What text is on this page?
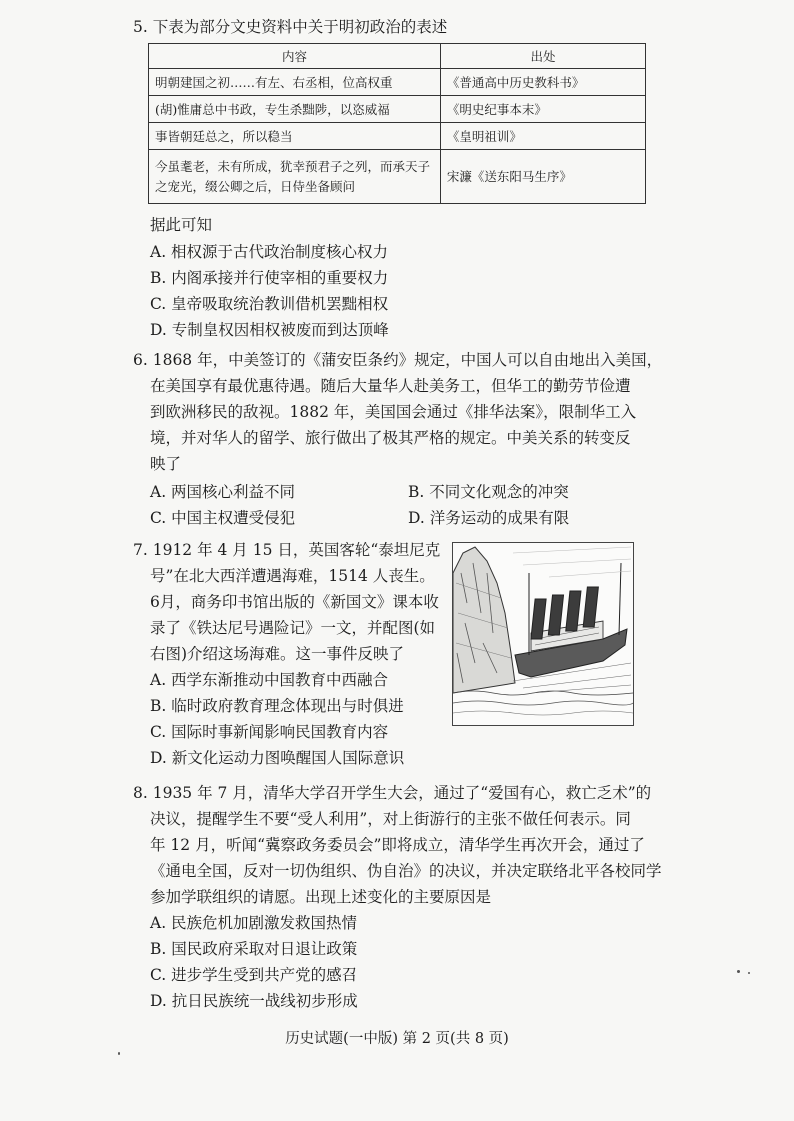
5. 下表为部分文史资料中关于明初政治的表述
内容	出处
明朝建国之初……有左、右丞相，位高权重	《普通高中历史教科书》
(胡)惟庸总中书政，专生杀黜陟，以恣威福	《明史纪事本末》
事皆朝廷总之，所以稳当	《皇明祖训》
今虽耄老，未有所成，犹幸预君子之列，而承天子之宠光，缀公卿之后，日侍坐备顾问	宋濂《送东阳马生序》
据此可知
A. 相权源于古代政治制度核心权力
B. 内阁承接并行使宰相的重要权力
C. 皇帝吸取统治教训借机罢黜相权
D. 专制皇权因相权被废而到达顶峰
6. 1868 年，中美签订的《蒲安臣条约》规定，中国人可以自由地出入美国，
在美国享有最优惠待遇。随后大量华人赴美务工，但华工的勤劳节俭遭
到欧洲移民的敌视。1882 年，美国国会通过《排华法案》，限制华工入
境，并对华人的留学、旅行做出了极其严格的规定。中美关系的转变反
映了
A. 两国核心利益不同	B. 不同文化观念的冲突
C. 中国主权遭受侵犯	D. 洋务运动的成果有限
7. 1912 年 4 月 15 日，英国客轮“泰坦尼克
号”在北大西洋遭遇海难，1514 人丧生。
6月，商务印书馆出版的《新国文》课本收
录了《铁达尼号遇险记》一文，并配图(如
右图)介绍这场海难。这一事件反映了
A. 西学东渐推动中国教育中西融合
B. 临时政府教育理念体现出与时俱进
C. 国际时事新闻影响民国教育内容
D. 新文化运动力图唤醒国人国际意识
8. 1935 年 7 月，清华大学召开学生大会，通过了“爱国有心，救亡乏术”的
决议，提醒学生不要“受人利用”，对上街游行的主张不做任何表示。同
年 12 月，听闻“冀察政务委员会”即将成立，清华学生再次开会，通过了
《通电全国，反对一切伪组织、伪自治》的决议，并决定联络北平各校同学
参加学联组织的请愿。出现上述变化的主要原因是
A. 民族危机加剧激发救国热情
B. 国民政府采取对日退让政策
C. 进步学生受到共产党的感召
D. 抗日民族统一战线初步形成
历史试题(一中版) 第 2 页(共 8 页)
